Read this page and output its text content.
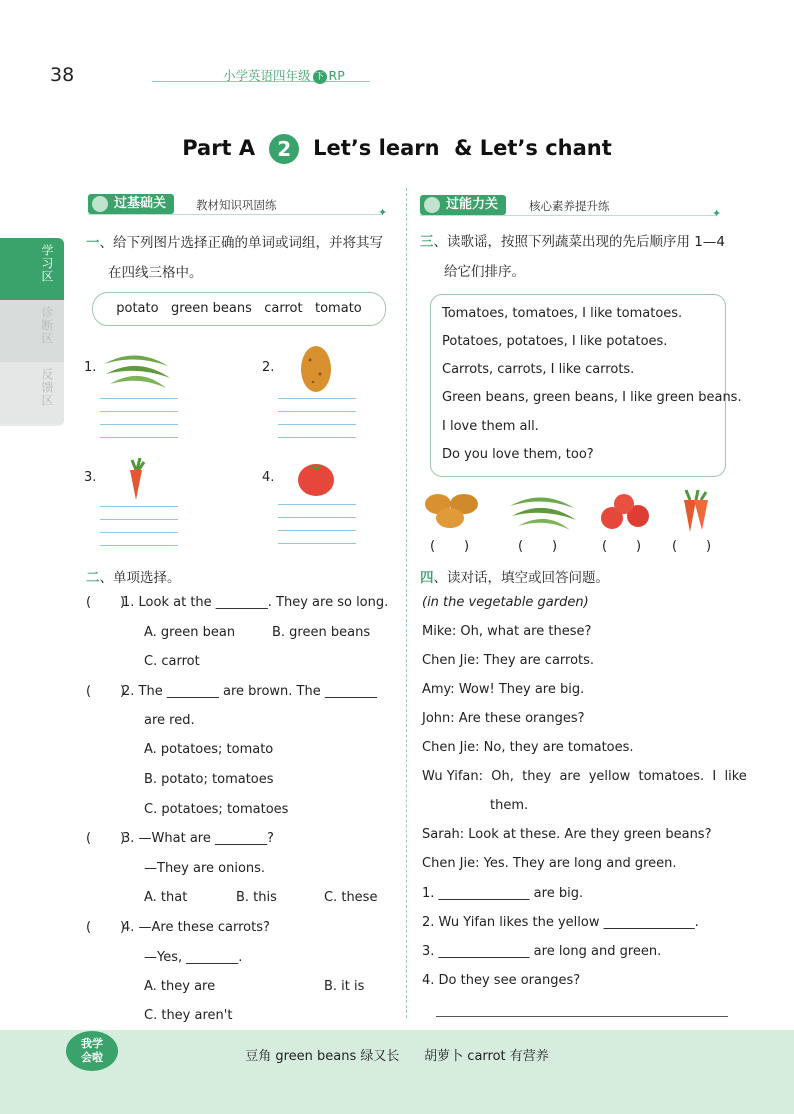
38	小学英语四年级 下 RP
Part A 2 Let’s learn  & Let’s chant
学习区
诊断区
反馈区
过基础关	教材知识巩固练
✦
一、给下列图片选择正确的单词或词组，并将其写
在四线三格中。
potato   green beans   carrot   tomato
1.	2.
3.	4.
二、单项选择。
(       )
1. Look at the ________. They are so long.
A. green bean	B. green beans
C. carrot
(       )
2. The ________ are brown. The ________
are red.
A. potatoes; tomato
B. potato; tomatoes
C. potatoes; tomatoes
(       )
3. —What are ________?
—They are onions.
A. that	B. this	C. these
(       )
4. —Are these carrots?
—Yes, ________.
A. they are	B. it is
C. they aren't
过能力关	核心素养提升练
✦
三、读歌谣，按照下列蔬菜出现的先后顺序用 1—4
给它们排序。
Tomatoes, tomatoes, I like tomatoes.
Potatoes, potatoes, I like potatoes.
Carrots, carrots, I like carrots.
Green beans, green beans, I like green beans.
I love them all.
Do you love them, too?
(       )	(       )	(       ) (       )
四、读对话，填空或回答问题。
(in the vegetable garden)
Mike: Oh, what are these?
Chen Jie: They are carrots.
Amy: Wow! They are big.
John: Are these oranges?
Chen Jie: No, they are tomatoes.
Wu Yifan:  Oh,  they  are  yellow  tomatoes.  I  like
them.
Sarah: Look at these. Are they green beans?
Chen Jie: Yes. They are long and green.
1. ______________ are big.
2. Wu Yifan likes the yellow ______________.
3. ______________ are long and green.
4. Do they see oranges?
我学
会啦	豆角 green beans 绿又长      胡萝卜 carrot 有营养
